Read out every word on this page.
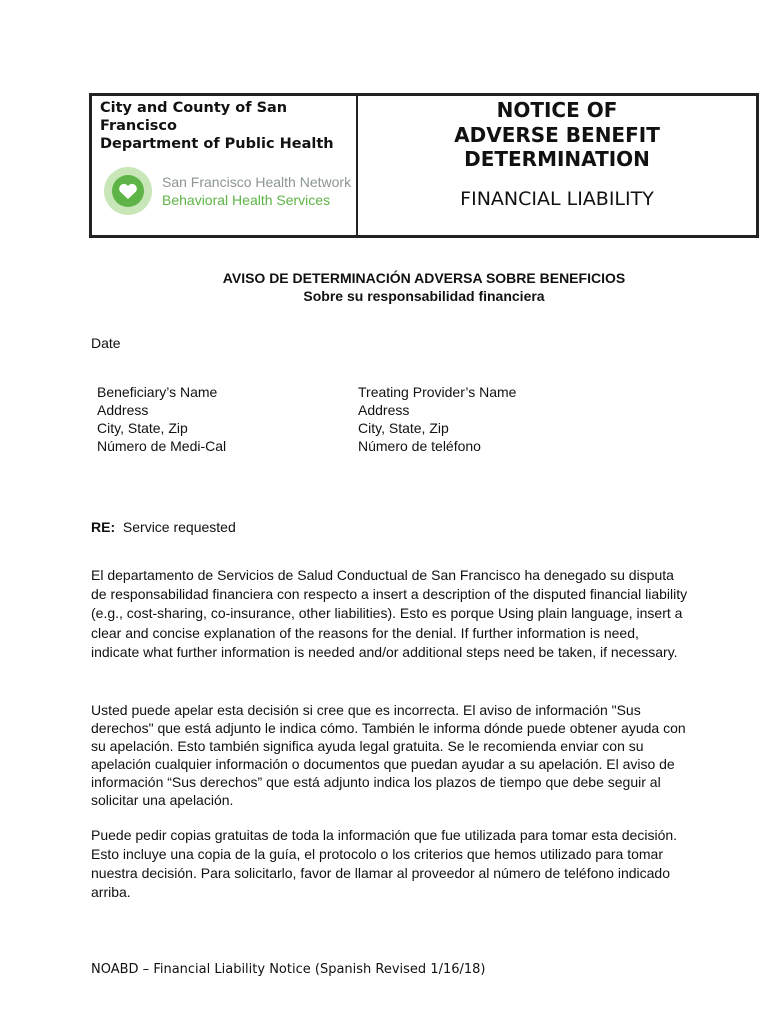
City and County of San Francisco
Department of Public Health

San Francisco Health Network
Behavioral Health Services

NOTICE OF
ADVERSE BENEFIT
DETERMINATION

FINANCIAL LIABILITY
AVISO DE DETERMINACIÓN ADVERSA SOBRE BENEFICIOS
Sobre su responsabilidad financiera
Date
Beneficiary’s Name
Address
City, State, Zip
Número de Medi-Cal
Treating Provider’s Name
Address
City, State, Zip
Número de teléfono
RE: Service requested
El departamento de Servicios de Salud Conductual de San Francisco ha denegado su disputa de responsabilidad financiera con respecto a insert a description of the disputed financial liability (e.g., cost-sharing, co-insurance, other liabilities). Esto es porque Using plain language, insert a clear and concise explanation of the reasons for the denial. If further information is need, indicate what further information is needed and/or additional steps need be taken, if necessary.
Usted puede apelar esta decisión si cree que es incorrecta. El aviso de información "Sus derechos" que está adjunto le indica cómo. También le informa dónde puede obtener ayuda con su apelación. Esto también significa ayuda legal gratuita. Se le recomienda enviar con su apelación cualquier información o documentos que puedan ayudar a su apelación. El aviso de información “Sus derechos” que está adjunto indica los plazos de tiempo que debe seguir al solicitar una apelación.
Puede pedir copias gratuitas de toda la información que fue utilizada para tomar esta decisión. Esto incluye una copia de la guía, el protocolo o los criterios que hemos utilizado para tomar nuestra decisión. Para solicitarlo, favor de llamar al proveedor al número de teléfono indicado arriba.
NOABD – Financial Liability Notice (Spanish Revised 1/16/18)
